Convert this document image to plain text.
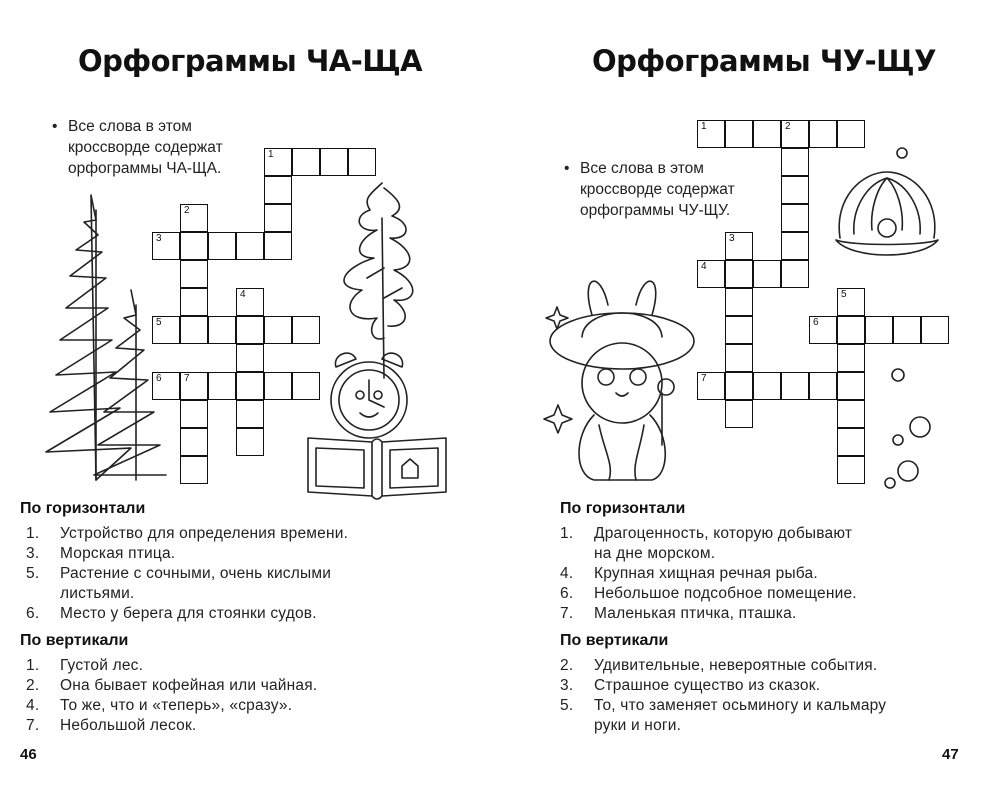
Орфограммы ЧА-ЩА
• Все слова в этом
кроссворде содержат
орфограммы ЧА-ЩА.
1
2
3
4
5
6 7
По горизонтали
1. Устройство для определения времени.
3. Морская птица.
5. Растение с сочными, очень кислыми
листьями.
6. Место у берега для стоянки судов.
По вертикали
1. Густой лес.
2. Она бывает кофейная или чайная.
4. То же, что и «теперь», «сразу».
7. Небольшой лесок.
46
Орфограммы ЧУ-ЩУ
• Все слова в этом
кроссворде содержат
орфограммы ЧУ-ЩУ.
1	2
3
4
5
6
7
По горизонтали
1. Драгоценность, которую добывают
на дне морском.
4. Крупная хищная речная рыба.
6. Небольшое подсобное помещение.
7. Маленькая птичка, пташка.
По вертикали
2. Удивительные, невероятные события.
3. Страшное существо из сказок.
5. То, что заменяет осьминогу и кальмару
руки и ноги.
47
